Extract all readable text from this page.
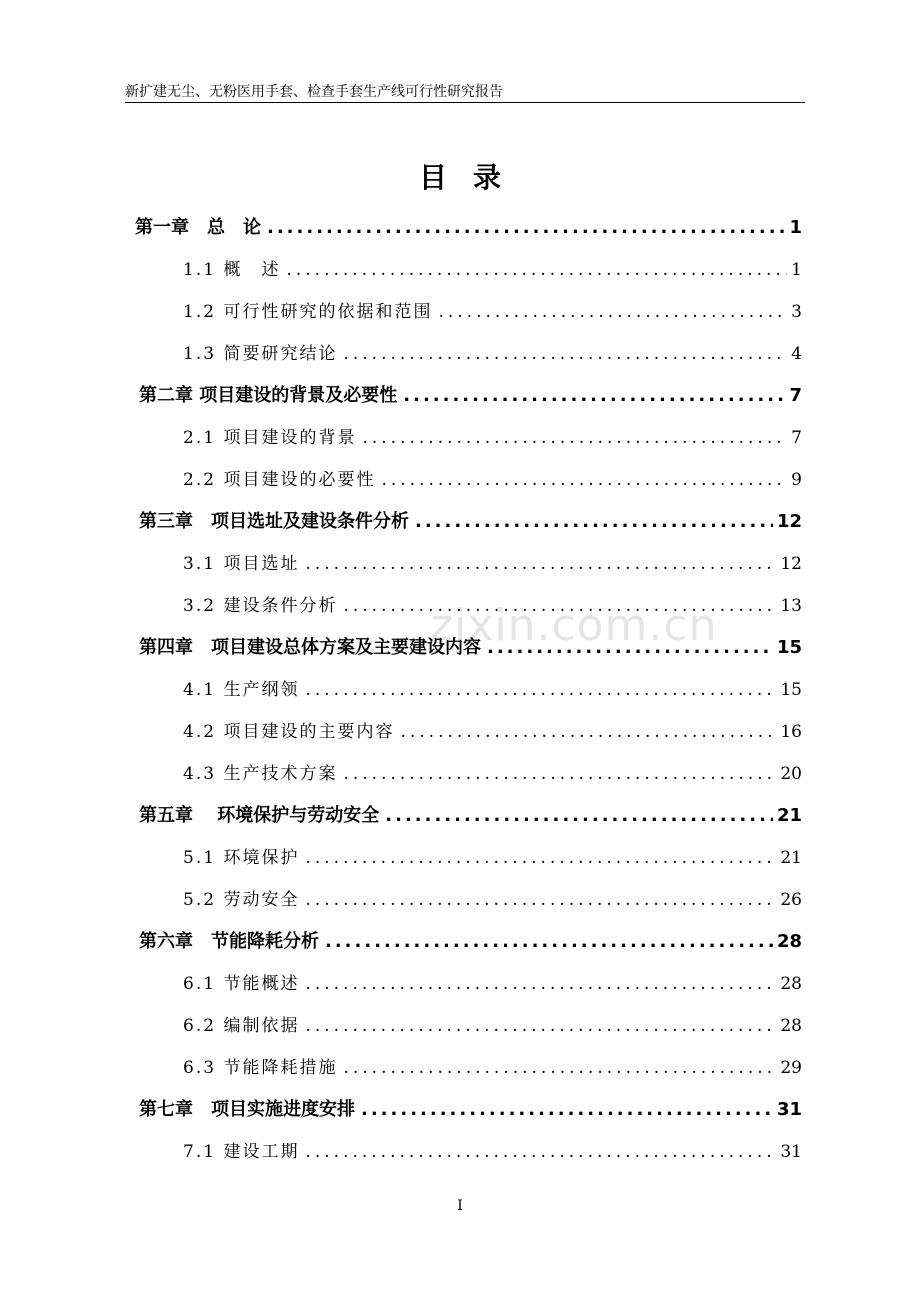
新扩建无尘、无粉医用手套、检查手套生产线可行性研究报告
目录
zixin.com.cn
第一章　总　论 .....	1
1.1 概　述 .....	1
1.2 可行性研究的依据和范围 .....	3
1.3 简要研究结论 .....	4
第二章 项目建设的背景及必要性 .....	7
2.1 项目建设的背景 .....	7
2.2 项目建设的必要性 .....	9
第三章　项目选址及建设条件分析 .....	12
3.1 项目选址 .....	12
3.2 建设条件分析 .....	13
第四章　项目建设总体方案及主要建设内容 .....	15
4.1 生产纲领 .....	15
4.2 项目建设的主要内容 .....	16
4.3 生产技术方案 .....	20
第五章　 环境保护与劳动安全 .....	21
5.1 环境保护 .....	21
5.2 劳动安全 .....	26
第六章　节能降耗分析 .....	28
6.1 节能概述 .....	28
6.2 编制依据 .....	28
6.3 节能降耗措施 .....	29
第七章　项目实施进度安排 .....	31
7.1 建设工期 .....	31
I
